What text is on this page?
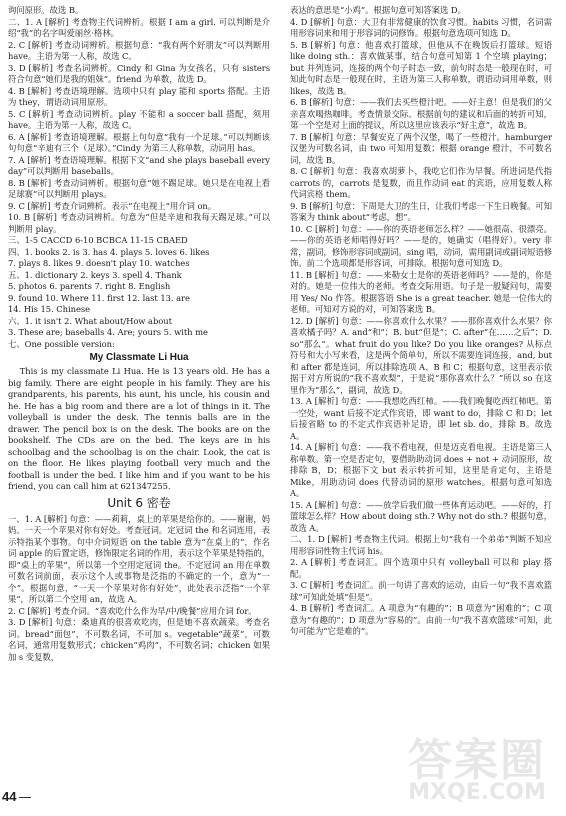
询问原形。故选 B。
二、1. A [解析] 考查物主代词辨析。根据 I am a girl. 可以判断是介绍“我”的名字叫爱丽丝·格林。
2. C [解析] 考查动词辨析。根据句意：“我有两个好朋友”可以判断用 have。主语为第一人称，故选 C。
3. D [解析] 考查名词辨析。Cindy 和 Gina 为女孩名，只有 sisters 符合句意“她们是我的姐妹”。friend 为单数，故选 D。
4. B [解析] 考查语境理解。选项中只有 play 能和 sports 搭配。主语为 they，谓语动词用原形。
5. C [解析] 考查动词辨析。play 不能和 a soccer ball 搭配，须用 have。主语为第一人称，故选 C。
6. A [解析] 考查语境理解。根据上句句意“我有一个足球。”可以判断该句句意“辛迪有三个（足球）。”Cindy 为第三人称单数，动词用 has。
7. A [解析] 考查语境理解。根据下文“and she plays baseball every day”可以判断用 baseballs。
8. B [解析] 考查动词辨析。根据句意“她不踢足球。她只是在电视上看足球赛”可以判断用 plays。
9. C [解析] 考查介词辨析。表示“在电视上”用介词 on。
10. B [解析] 考查动词辨析。句意为“但是辛迪和我每天踢足球。”可以判断用 play。
三、1-5 CACCD 6-10 BCBCA 11-15 CBAED
四、1. books 2. is 3. has 4. plays 5. loves 6. likes
7. plays 8. likes 9. doesn't play 10. watches
五、1. dictionary 2. keys 3. spell 4. Thank
5. photos 6. parents 7. right 8. English
9. found 10. Where 11. first 12. last 13. are
14. His 15. Chinese
六、1. it isn't 2. What about/How about
3. These are; baseballs 4. Are; yours 5. with me
七、One possible version:
My Classmate Li Hua
This is my classmate Li Hua. He is 13 years old. He has a big family. There are eight people in his family. They are his grandparents, his parents, his aunt, his uncle, his cousin and he. He has a big room and there are a lot of things in it. The volleyball is under the desk. The tennis balls are in the drawer. The pencil box is on the desk. The books are on the bookshelf. The CDs are on the bed. The keys are in his schoolbag and the schoolbag is on the chair. Look, the cat is on the floor. He likes playing football very much and the football is under the bed. I like him and if you want to be his friend, you can call him at 621347255.
Unit 6 密卷
一、1. A [解析] 句意：——莉莉，桌上的苹果是给你的。——谢谢，妈妈。一天一个苹果对你有好处。考查冠词。定冠词 the 和名词连用，表示特指某个事物。句中介词短语 on the table 意为“在桌上的”，作名词 apple 的后置定语，修饰限定名词的作用，表示这个苹果是特指的，即“桌上的苹果”，所以第一个空用定冠词 the。不定冠词 an 用在单数可数名词前面，表示这个人或事物是泛指的不确定的一个，意为“一个”。根据句意，“一天一个苹果对你有好处”，此处表示泛指“一个苹果”，所以第二个空用 an，故选 A。
2. C [解析] 考查介词。“喜欢吃什么作为早/中/晚餐”应用介词 for。
3. D [解析] 句意：桑迪真的很喜欢吃肉，但是她不喜欢蔬菜。考查名词。bread“面包”，不可数名词，不可加 s。vegetable“蔬菜”，可数名词，通常用复数形式；chicken“鸡肉”，不可数名词；chicken 如果加 s 变复数，
表达的意思是“小鸡”。根据句意可知答案选 D。
4. D [解析] 句意：大卫有非常健康的饮食习惯。habits 习惯，名词需用形容词来和用于形容词的词修饰。根据句意选项可知选 D。
5. B [解析] 句意：他喜欢打篮球，但他从不在晚饭后打篮球。短语 like doing sth.：喜欢做某事，结合句意可知第 1 个空填 playing；but 并列连词，连接的两个句子时态一致，前句时态是一般现在时，可知此句时态是一般现在时，主语为第三人称单数，谓语动词用单数，则 likes，故选 B。
6. B [解析] 句意：——我们去买些橙汁吧。——好主意！但是我们的父亲喜欢喝热咖啡。考查情景交际。根据前句的建议和后面的转折可知，第一个空是对上面的提议，所以这里应该表示“好主意”，故选 B。
7. B [解析] 句意：早餐安克了两个汉堡，喝了一些橙汁。hamburger 汉堡为可数名词，由 two 可知用复数；根据 orange 橙汁，不可数名词，故选 B。
8. C [解析] 句意：我喜欢胡萝卜，我吃它们作为早餐。所进词是代指 carrots 的，carrots 是复数，而且作动词 eat 的宾语，应用复数人称代词宾格 them。
9. B [解析] 句意：下周是大卫的生日，让我们考虑一下生日晚餐。可知答案为 think about“考虑，想”。
10. C [解析] 句意：——你的英语老师怎么样？——她很高、很漂亮。——你的英语老师唱得好吗？——是的，她确实（唱得好）。very 非常，副词，修饰形容词或副词。sing 唱，动词，需用副词或副词短语修饰。前二个选项都是形容词，可排除。根据句意可知选 D。
11. B [解析] 句意：——来勒女士是你的英语老师吗？——是的，你是对的。她是一位伟大的老师。考查交际用语。句子是一般疑问句，需要用 Yes/ No 作答。根据答语 She is a great teacher. 她是一位伟大的老师。可知对方说的对，可知答案选 B。
12. D [解析] 句意：——你喜欢什么水果？——那你喜欢什么水果？你喜欢橘子吗？A. and“和”；B. but“但是”；C. after“在……之后”；D. so“那么”。what fruit do you like? Do you like oranges? 从标点符号和大小写来看，这是两个简单句，所以不需要连词连接，and, but 和 after 都是连词，所以排除选项 A、B 和 C；根据句意，这里表示依据于对方所说的“我不喜欢梨”，于是说“那你喜欢什么？”所以 so 在这里作为“那么”，副词，故选 D。
13. A [解析] 句意：——我想吃西红柿。——我们晚餐吃西红柿吧。第一空处，want 后接不定式作宾语，即 want to do，排除 C 和 D；let 后接省略 to 的不定式作宾语补足语，即 let sb. do，排除 B。故选 A。
14. A [解析] 句意：——我不看电视，但是迈克看电视。主语是第三人称单数。第一空是否定句，要借助助动词 does + not + 动词原形，故排除 B，D；根据下文 but 表示转折可知，这里是肯定句，主语是 Mike，用助动词 does 代替动词的原形 watches。根据句意可知选 A。
15. A [解析] 句意：——放学后我们做一些体育运动吧。——好的，打篮球怎么样？How about doing sth.? Why not do sth.? 根据句意，故选 A。
二、1. D [解析] 考查物主代词。根据上句“我有一个弟弟”判断不知应用形容词性物主代词 his。
2. A [解析] 考查词汇。四个选项中只有 volleyball 可以和 play 搭配。
3. C [解析] 考查词汇。前一句讲了喜欢的运动，由后一句“我不喜欢篮球”可知此处填“但是”。
4. B [解析] 考查词汇。A 项意为“有趣的”；B 项意为“困难的”；C 项意为“有趣的”；D 项意为“容易的”。由前一句“我不喜欢篮球”可知，此句可能为“它是难的”。
44
答案圈
MXQE.COM
